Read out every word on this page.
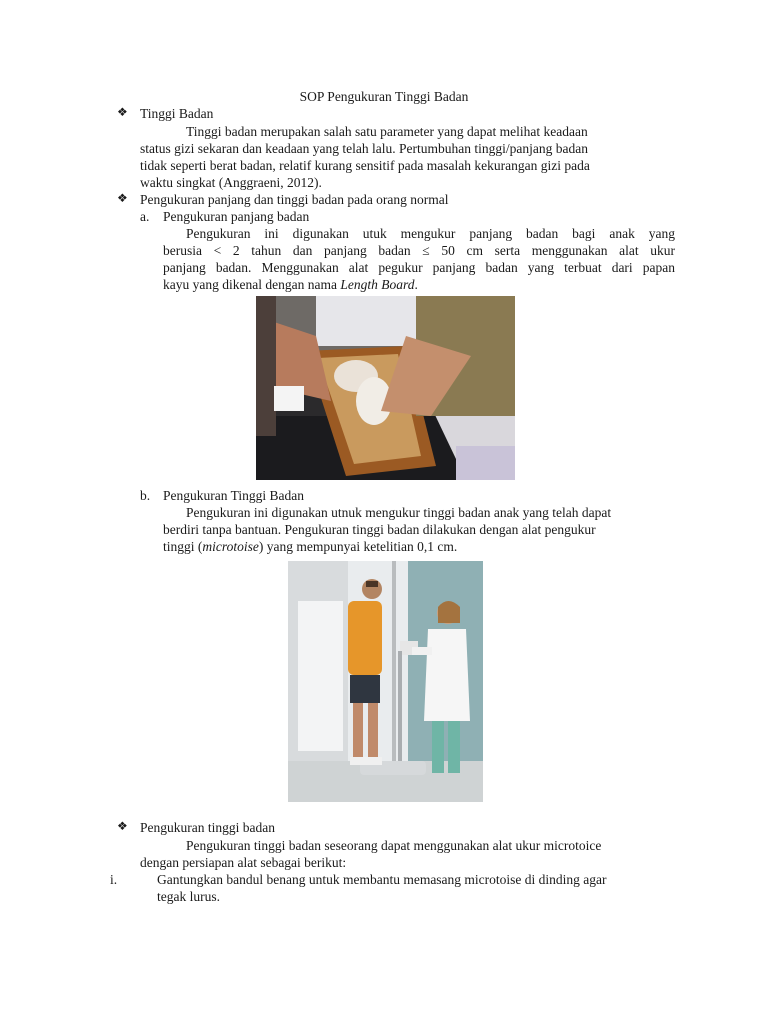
SOP Pengukuran Tinggi Badan
❖ Tinggi Badan
Tinggi badan merupakan salah satu parameter yang dapat melihat keadaan
status gizi sekaran dan keadaan yang telah lalu. Pertumbuhan tinggi/panjang badan
tidak seperti berat badan, relatif kurang sensitif pada masalah kekurangan gizi pada
waktu singkat (Anggraeni, 2012).
❖ Pengukuran panjang dan tinggi badan pada orang normal
a. Pengukuran panjang badan
Pengukuran ini digunakan utuk mengukur panjang badan bagi anak yang
berusia < 2 tahun dan panjang badan ≤ 50 cm serta menggunakan alat ukur
panjang badan. Menggunakan alat pegukur panjang badan yang terbuat dari papan
kayu yang dikenal dengan nama Length Board.
b. Pengukuran Tinggi Badan
Pengukuran ini digunakan utnuk mengukur tinggi badan anak yang telah dapat
berdiri tanpa bantuan. Pengukuran tinggi badan dilakukan dengan alat pengukur
tinggi (microtoise) yang mempunyai ketelitian 0,1 cm.
❖ Pengukuran tinggi badan
Pengukuran tinggi badan seseorang dapat menggunakan alat ukur microtoice
dengan persiapan alat sebagai berikut:
i.	Gantungkan bandul benang untuk membantu memasang microtoise di dinding agar
tegak lurus.
